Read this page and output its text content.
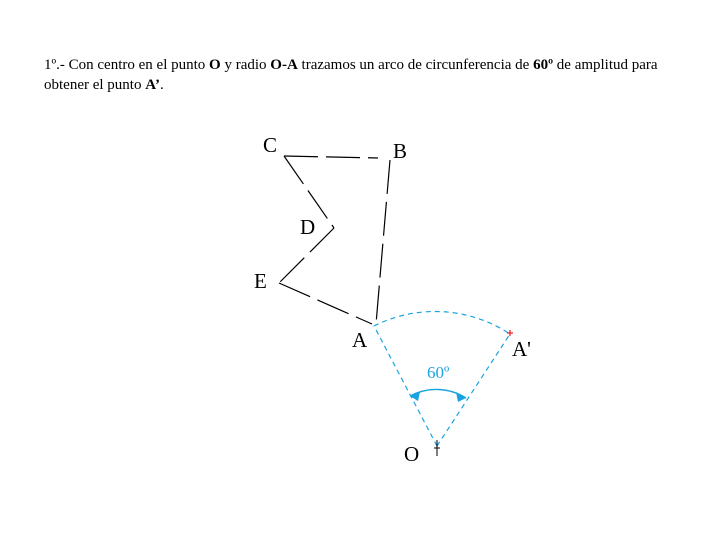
1º.- Con centro en el punto O y radio O-A trazamos un arco de circunferencia de 60º de amplitud para obtener el punto A’.

60º
C	B
D
E
A	A'
O
